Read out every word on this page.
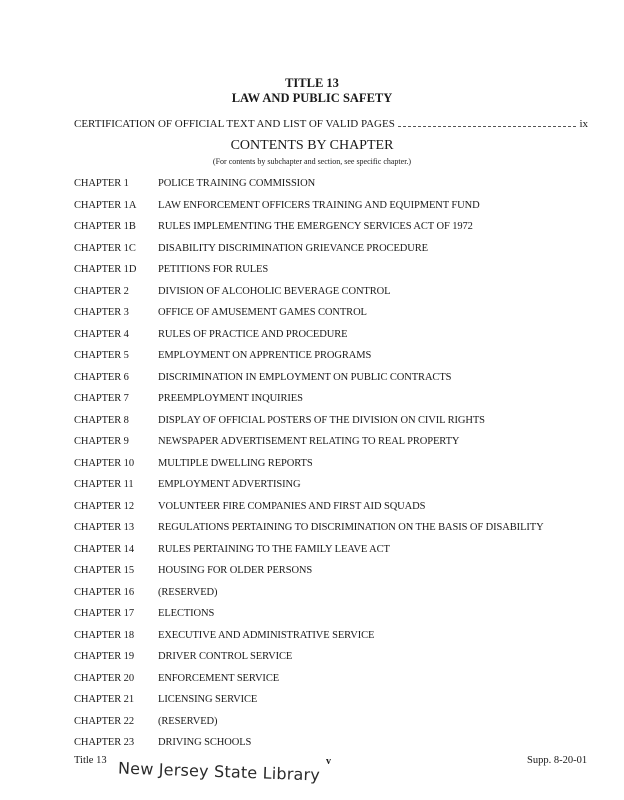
TITLE 13
LAW AND PUBLIC SAFETY
CERTIFICATION OF OFFICIAL TEXT AND LIST OF VALID PAGES	ix
CONTENTS BY CHAPTER
(For contents by subchapter and section, see specific chapter.)
CHAPTER 1	POLICE TRAINING COMMISSION
CHAPTER 1A	LAW ENFORCEMENT OFFICERS TRAINING AND EQUIPMENT FUND
CHAPTER 1B	RULES IMPLEMENTING THE EMERGENCY SERVICES ACT OF 1972
CHAPTER 1C	DISABILITY DISCRIMINATION GRIEVANCE PROCEDURE
CHAPTER 1D	PETITIONS FOR RULES
CHAPTER 2	DIVISION OF ALCOHOLIC BEVERAGE CONTROL
CHAPTER 3	OFFICE OF AMUSEMENT GAMES CONTROL
CHAPTER 4	RULES OF PRACTICE AND PROCEDURE
CHAPTER 5	EMPLOYMENT ON APPRENTICE PROGRAMS
CHAPTER 6	DISCRIMINATION IN EMPLOYMENT ON PUBLIC CONTRACTS
CHAPTER 7	PREEMPLOYMENT INQUIRIES
CHAPTER 8	DISPLAY OF OFFICIAL POSTERS OF THE DIVISION ON CIVIL RIGHTS
CHAPTER 9	NEWSPAPER ADVERTISEMENT RELATING TO REAL PROPERTY
CHAPTER 10	MULTIPLE DWELLING REPORTS
CHAPTER 11	EMPLOYMENT ADVERTISING
CHAPTER 12	VOLUNTEER FIRE COMPANIES AND FIRST AID SQUADS
CHAPTER 13	REGULATIONS PERTAINING TO DISCRIMINATION ON THE BASIS OF DISABILITY
CHAPTER 14	RULES PERTAINING TO THE FAMILY LEAVE ACT
CHAPTER 15	HOUSING FOR OLDER PERSONS
CHAPTER 16	(RESERVED)
CHAPTER 17	ELECTIONS
CHAPTER 18	EXECUTIVE AND ADMINISTRATIVE SERVICE
CHAPTER 19	DRIVER CONTROL SERVICE
CHAPTER 20	ENFORCEMENT SERVICE
CHAPTER 21	LICENSING SERVICE
CHAPTER 22	(RESERVED)
CHAPTER 23	DRIVING SCHOOLS
Title 13	v	Supp. 8-20-01
New Jersey State Library
